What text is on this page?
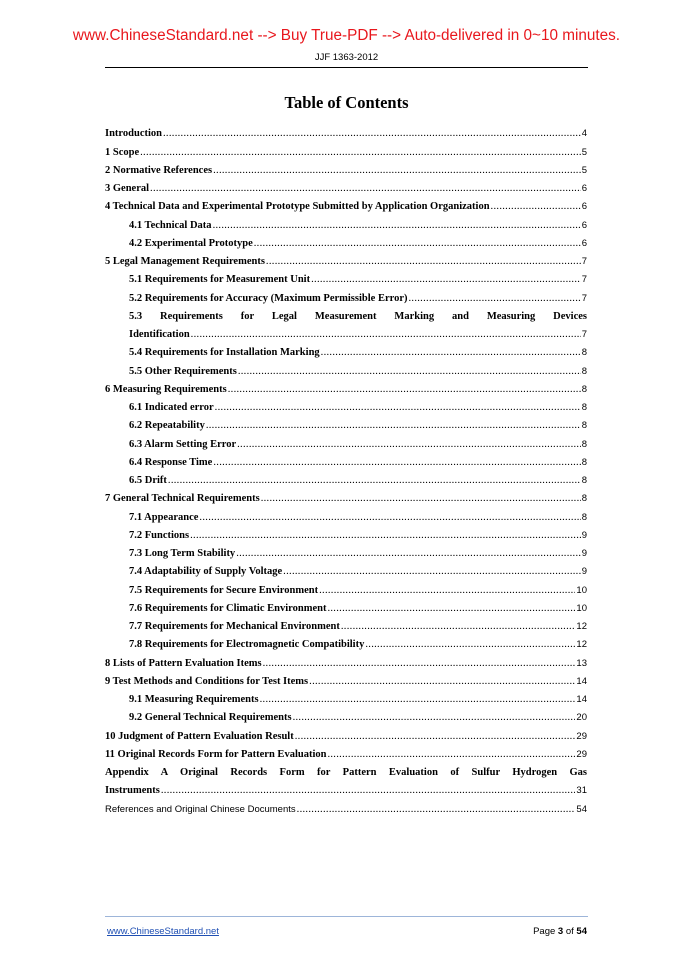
www.ChineseStandard.net --> Buy True-PDF --> Auto-delivered in 0~10 minutes.
JJF 1363-2012
Table of Contents
Introduction .....	4
1 Scope .....	5
2 Normative References .....	5
3 General .....	6
4 Technical Data and Experimental Prototype Submitted by Application Organization .....	6
4.1 Technical Data .....	6
4.2 Experimental Prototype .....	6
5 Legal Management Requirements .....	7
5.1 Requirements for Measurement Unit .....	7
5.2 Requirements for Accuracy (Maximum Permissible Error) .....	7
5.3 Requirements for Legal Measurement Marking and Measuring Devices
Identification .....	7
5.4 Requirements for Installation Marking .....	8
5.5 Other Requirements .....	8
6 Measuring Requirements .....	8
6.1 Indicated error .....	8
6.2 Repeatability .....	8
6.3 Alarm Setting Error .....	8
6.4 Response Time .....	8
6.5 Drift .....	8
7 General Technical Requirements .....	8
7.1 Appearance .....	8
7.2 Functions .....	9
7.3 Long Term Stability .....	9
7.4 Adaptability of Supply Voltage .....	9
7.5 Requirements for Secure Environment .....	10
7.6 Requirements for Climatic Environment .....	10
7.7 Requirements for Mechanical Environment .....	12
7.8 Requirements for Electromagnetic Compatibility .....	12
8 Lists of Pattern Evaluation Items .....	13
9 Test Methods and Conditions for Test Items .....	14
9.1 Measuring Requirements .....	14
9.2 General Technical Requirements .....	20
10 Judgment of Pattern Evaluation Result .....	29
11 Original Records Form for Pattern Evaluation .....	29
Appendix A Original Records Form for Pattern Evaluation of Sulfur Hydrogen Gas
Instruments .....	31
References and Original Chinese Documents .....	54
www.ChineseStandard.net	Page 3 of 54
